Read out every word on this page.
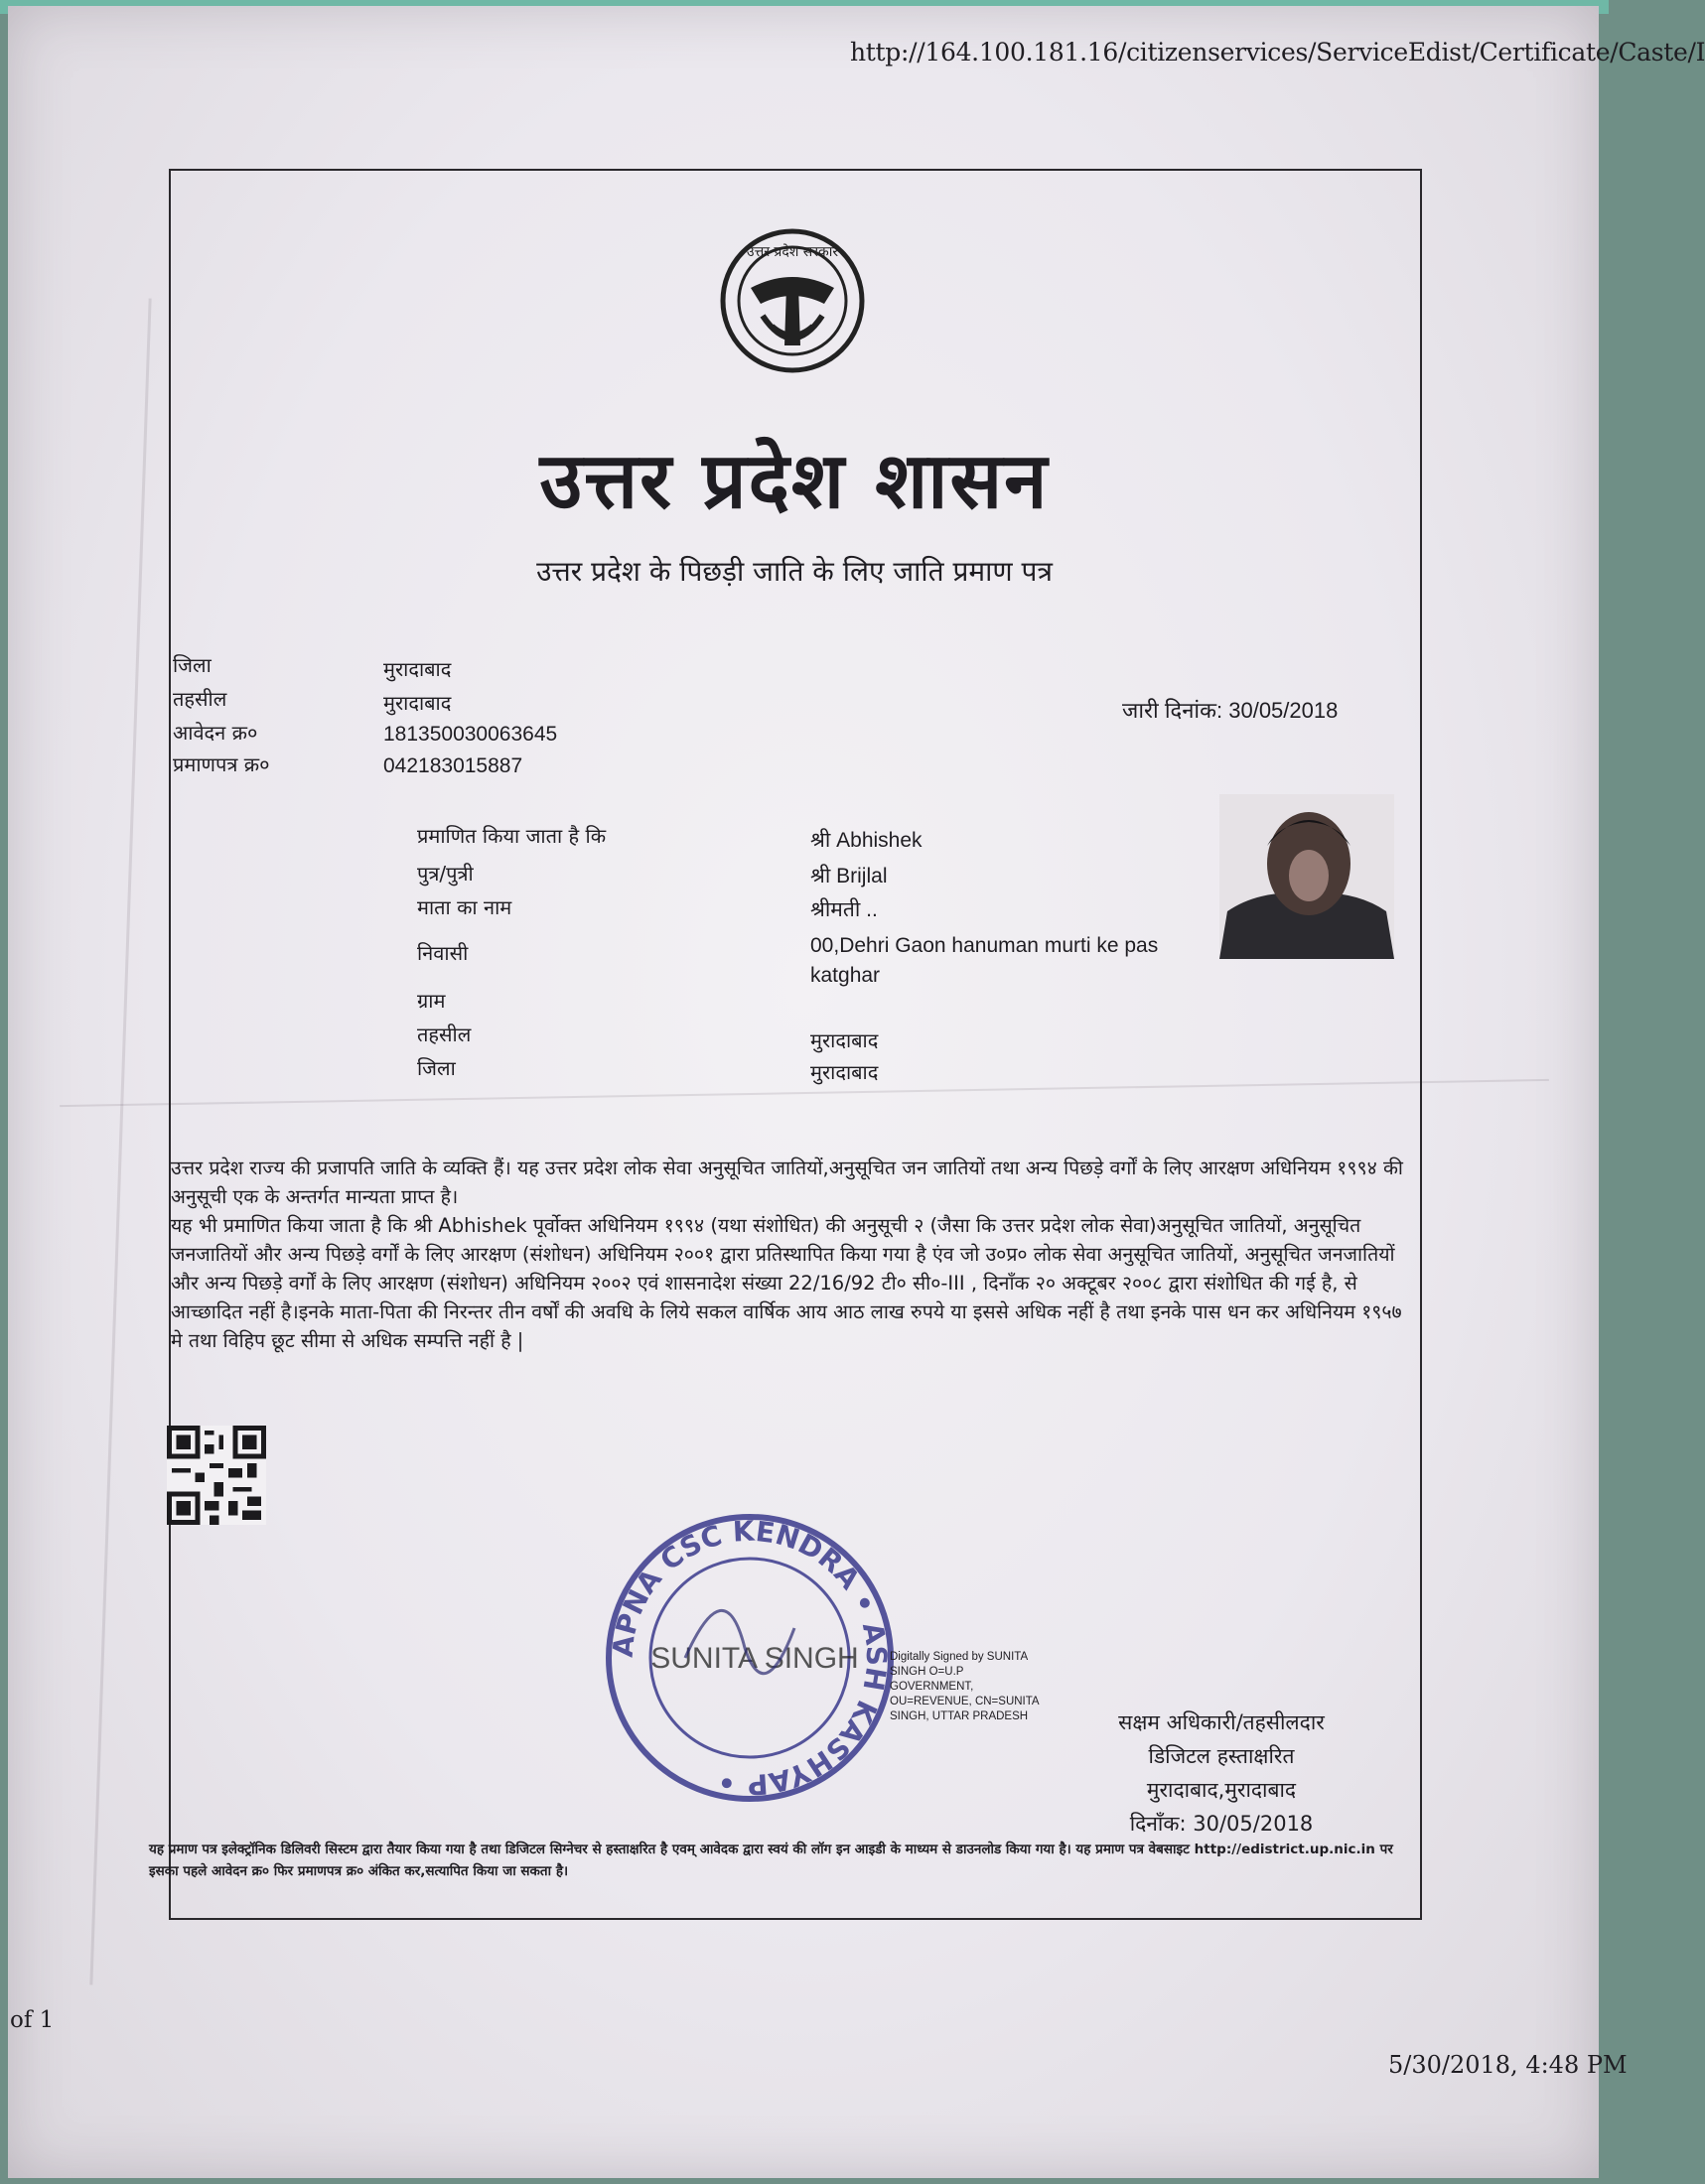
http://164.100.181.16/citizenservices/ServiceEdist/Certificate/Caste/I
उत्तर प्रदेश सरकार
उत्तर प्रदेश शासन
उत्तर प्रदेश के पिछड़ी जाति के लिए जाति प्रमाण पत्र
जिला	मुरादाबाद
तहसील	मुरादाबाद
आवेदन क्र०	181350030063645
प्रमाणपत्र क्र०	042183015887
जारी दिनांक: 30/05/2018
प्रमाणित किया जाता है कि	श्री Abhishek
पुत्र/पुत्री	श्री Brijlal
माता का नाम	श्रीमती ..
निवासी	00,Dehri Gaon hanuman murti ke pas katghar
ग्राम
तहसील	मुरादाबाद
जिला	मुरादाबाद

उत्तर प्रदेश राज्य की प्रजापति जाति के व्यक्ति हैं। यह उत्तर प्रदेश लोक सेवा अनुसूचित जातियों,अनुसूचित जन जातियों तथा अन्य पिछड़े वर्गों के लिए आरक्षण अधिनियम १९९४ की अनुसूची एक के अन्तर्गत मान्यता प्राप्त है।

यह भी प्रमाणित किया जाता है कि श्री Abhishek पूर्वोक्त अधिनियम १९९४ (यथा संशोधित) की अनुसूची २ (जैसा कि उत्तर प्रदेश लोक सेवा)अनुसूचित जातियों, अनुसूचित जनजातियों और अन्य पिछड़े वर्गों के लिए आरक्षण (संशोधन) अधिनियम २००१ द्वारा प्रतिस्थापित किया गया है एंव जो उ०प्र० लोक सेवा अनुसूचित जातियों, अनुसूचित जनजातियों और अन्य पिछड़े वर्गों के लिए आरक्षण (संशोधन) अधिनियम २००२ एवं शासनादेश संख्या 22/16/92 टी० सी०-III , दिनाँक २० अक्टूबर २००८ द्वारा संशोधित की गई है, से आच्छादित नहीं है।इनके माता-पिता की निरन्तर तीन वर्षों की अवधि के लिये सकल वार्षिक आय आठ लाख रुपये या इससे अधिक नहीं है तथा इनके पास धन कर अधिनियम १९५७ मे तथा विहिप छूट सीमा से अधिक सम्पत्ति नहीं है |

APNA CSC KENDRA • ASH KASHYAP •
SUNITA SINGH	Digitally Signed by SUNITA SINGH O=U.P GOVERNMENT, OU=REVENUE, CN=SUNITA SINGH, UTTAR PRADESH	सक्षम अधिकारी/तहसीलदार
डिजिटल हस्ताक्षरित
मुरादाबाद,मुरादाबाद
दिनाँक: 30/05/2018
यह प्रमाण पत्र इलेक्ट्रॉनिक डिलिवरी सिस्टम द्वारा तैयार किया गया है तथा डिजिटल सिग्नेचर से हस्ताक्षरित है एवम् आवेदक द्वारा स्वयं की लॉग इन आइडी के माध्यम से डाउनलोड किया गया है। यह प्रमाण पत्र वेबसाइट http://edistrict.up.nic.in पर इसका पहले आवेदन क्र० फिर प्रमाणपत्र क्र० अंकित कर,सत्यापित किया जा सकता है।
of 1
5/30/2018, 4:48 PM
